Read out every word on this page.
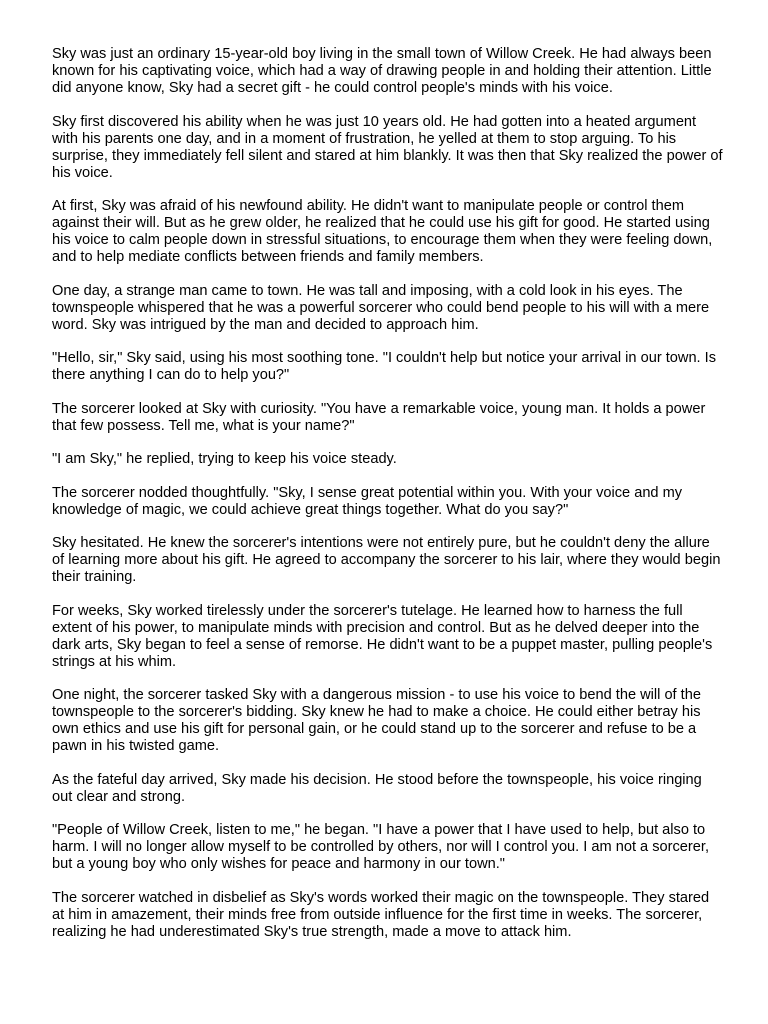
Sky was just an ordinary 15-year-old boy living in the small town of Willow Creek. He had always been known for his captivating voice, which had a way of drawing people in and holding their attention. Little did anyone know, Sky had a secret gift - he could control people's minds with his voice.

Sky first discovered his ability when he was just 10 years old. He had gotten into a heated argument with his parents one day, and in a moment of frustration, he yelled at them to stop arguing. To his surprise, they immediately fell silent and stared at him blankly. It was then that Sky realized the power of his voice.

At first, Sky was afraid of his newfound ability. He didn't want to manipulate people or control them against their will. But as he grew older, he realized that he could use his gift for good. He started using his voice to calm people down in stressful situations, to encourage them when they were feeling down, and to help mediate conflicts between friends and family members.

One day, a strange man came to town. He was tall and imposing, with a cold look in his eyes. The townspeople whispered that he was a powerful sorcerer who could bend people to his will with a mere word. Sky was intrigued by the man and decided to approach him.

"Hello, sir," Sky said, using his most soothing tone. "I couldn't help but notice your arrival in our town. Is there anything I can do to help you?"

The sorcerer looked at Sky with curiosity. "You have a remarkable voice, young man. It holds a power that few possess. Tell me, what is your name?"

"I am Sky," he replied, trying to keep his voice steady.

The sorcerer nodded thoughtfully. "Sky, I sense great potential within you. With your voice and my knowledge of magic, we could achieve great things together. What do you say?"

Sky hesitated. He knew the sorcerer's intentions were not entirely pure, but he couldn't deny the allure of learning more about his gift. He agreed to accompany the sorcerer to his lair, where they would begin their training.

For weeks, Sky worked tirelessly under the sorcerer's tutelage. He learned how to harness the full extent of his power, to manipulate minds with precision and control. But as he delved deeper into the dark arts, Sky began to feel a sense of remorse. He didn't want to be a puppet master, pulling people's strings at his whim.

One night, the sorcerer tasked Sky with a dangerous mission - to use his voice to bend the will of the townspeople to the sorcerer's bidding. Sky knew he had to make a choice. He could either betray his own ethics and use his gift for personal gain, or he could stand up to the sorcerer and refuse to be a pawn in his twisted game.

As the fateful day arrived, Sky made his decision. He stood before the townspeople, his voice ringing out clear and strong.

"People of Willow Creek, listen to me," he began. "I have a power that I have used to help, but also to harm. I will no longer allow myself to be controlled by others, nor will I control you. I am not a sorcerer, but a young boy who only wishes for peace and harmony in our town."

The sorcerer watched in disbelief as Sky's words worked their magic on the townspeople. They stared at him in amazement, their minds free from outside influence for the first time in weeks. The sorcerer, realizing he had underestimated Sky's true strength, made a move to attack him.
